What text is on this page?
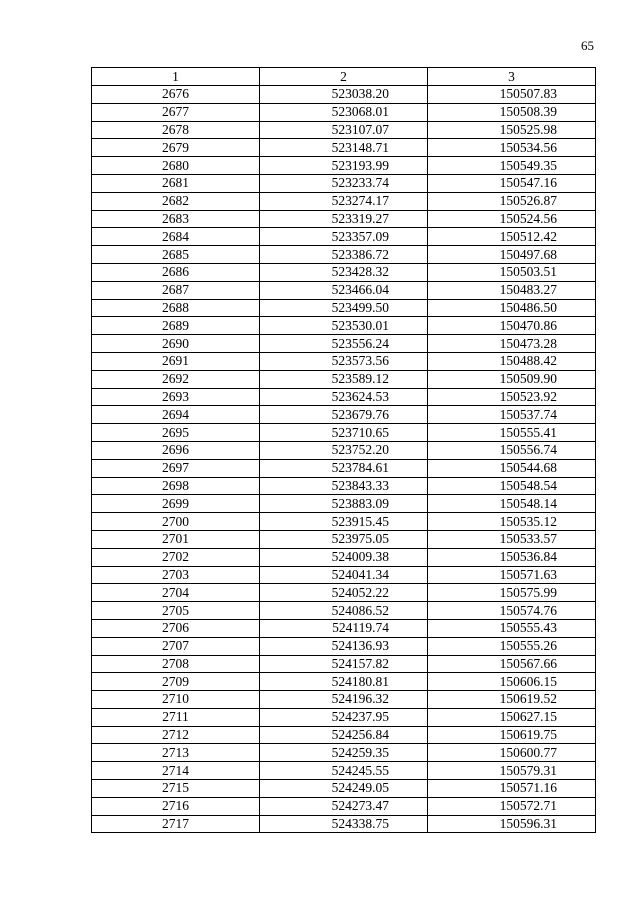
65
1	2	3
2676	523038.20	150507.83
2677	523068.01	150508.39
2678	523107.07	150525.98
2679	523148.71	150534.56
2680	523193.99	150549.35
2681	523233.74	150547.16
2682	523274.17	150526.87
2683	523319.27	150524.56
2684	523357.09	150512.42
2685	523386.72	150497.68
2686	523428.32	150503.51
2687	523466.04	150483.27
2688	523499.50	150486.50
2689	523530.01	150470.86
2690	523556.24	150473.28
2691	523573.56	150488.42
2692	523589.12	150509.90
2693	523624.53	150523.92
2694	523679.76	150537.74
2695	523710.65	150555.41
2696	523752.20	150556.74
2697	523784.61	150544.68
2698	523843.33	150548.54
2699	523883.09	150548.14
2700	523915.45	150535.12
2701	523975.05	150533.57
2702	524009.38	150536.84
2703	524041.34	150571.63
2704	524052.22	150575.99
2705	524086.52	150574.76
2706	524119.74	150555.43
2707	524136.93	150555.26
2708	524157.82	150567.66
2709	524180.81	150606.15
2710	524196.32	150619.52
2711	524237.95	150627.15
2712	524256.84	150619.75
2713	524259.35	150600.77
2714	524245.55	150579.31
2715	524249.05	150571.16
2716	524273.47	150572.71
2717	524338.75	150596.31
